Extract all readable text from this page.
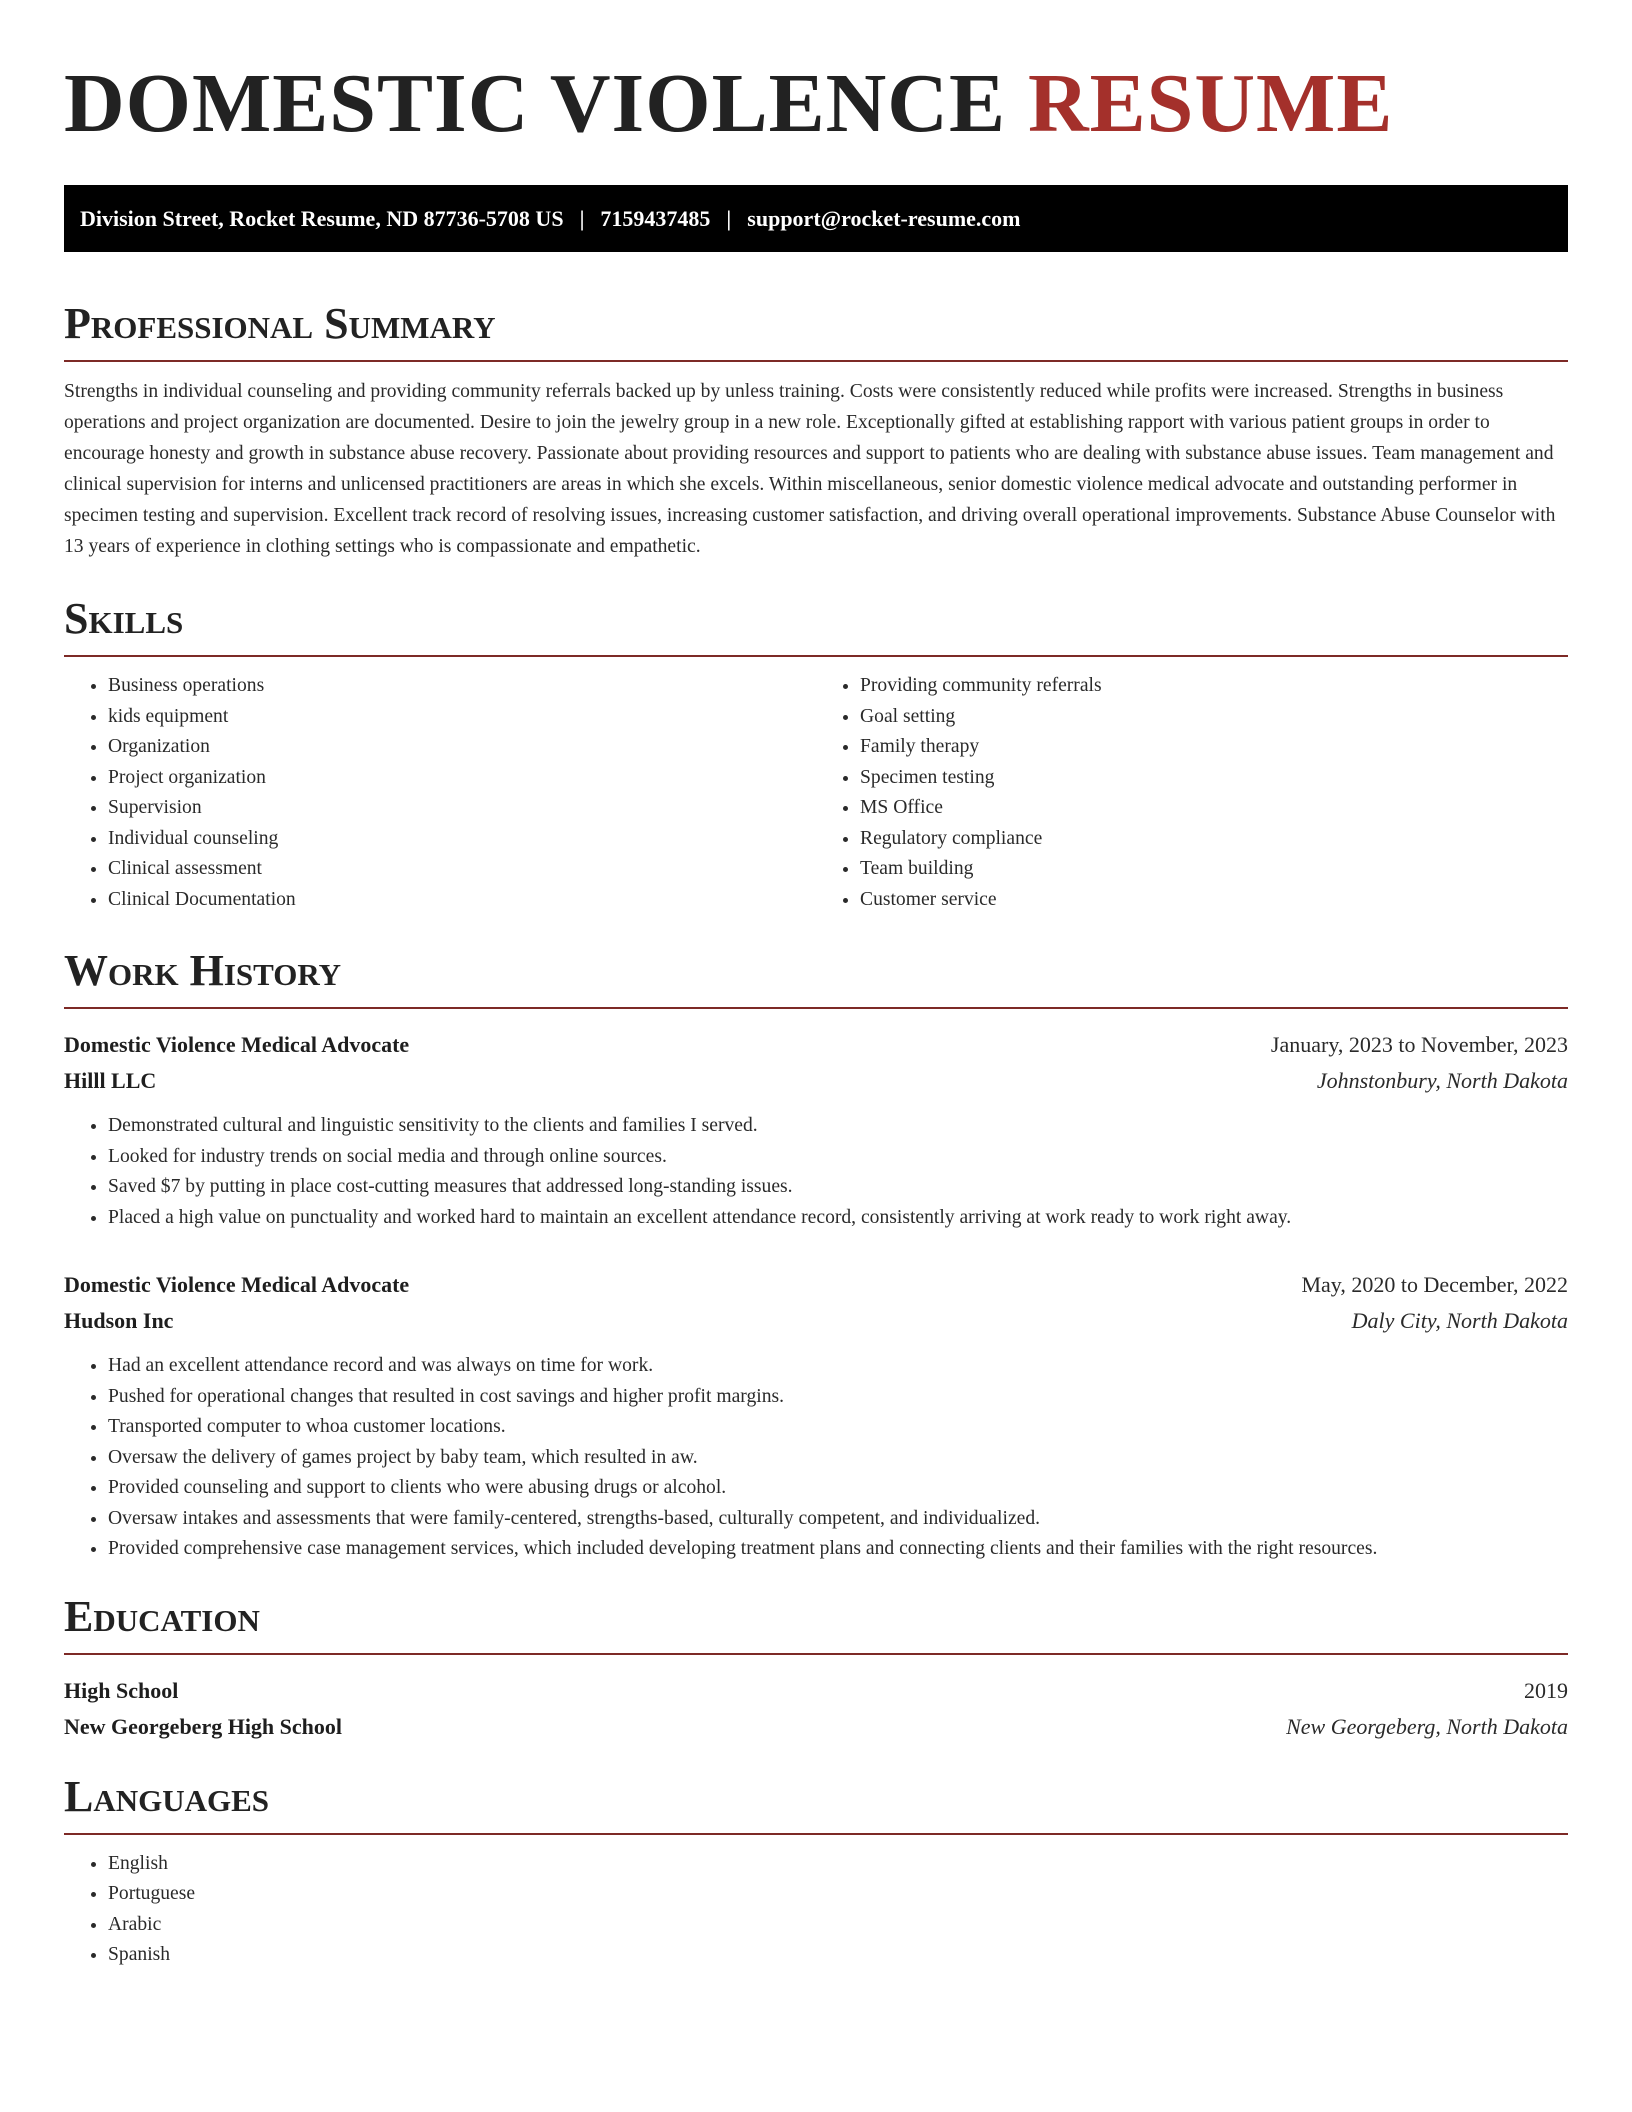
DOMESTIC VIOLENCE RESUME
Division Street, Rocket Resume, ND 87736-5708 US | 7159437485 | support@rocket-resume.com
Professional Summary

Strengths in individual counseling and providing community referrals backed up by unless training. Costs were consistently reduced while profits were increased. Strengths in business operations and project organization are documented. Desire to join the jewelry group in a new role. Exceptionally gifted at establishing rapport with various patient groups in order to encourage honesty and growth in substance abuse recovery. Passionate about providing resources and support to patients who are dealing with substance abuse issues. Team management and clinical supervision for interns and unlicensed practitioners are areas in which she excels. Within miscellaneous, senior domestic violence medical advocate and outstanding performer in specimen testing and supervision. Excellent track record of resolving issues, increasing customer satisfaction, and driving overall operational improvements. Substance Abuse Counselor with 13 years of experience in clothing settings who is compassionate and empathetic.

Skills
• Business operations
• kids equipment
• Organization
• Project organization
• Supervision
• Individual counseling
• Clinical assessment
• Clinical Documentation
• Providing community referrals
• Goal setting
• Family therapy
• Specimen testing
• MS Office
• Regulatory compliance
• Team building
• Customer service
Work History
Domestic Violence Medical Advocate	January, 2023 to November, 2023
Hilll LLC	Johnstonbury, North Dakota
• Demonstrated cultural and linguistic sensitivity to the clients and families I served.
• Looked for industry trends on social media and through online sources.
• Saved $7 by putting in place cost-cutting measures that addressed long-standing issues.
• Placed a high value on punctuality and worked hard to maintain an excellent attendance record, consistently arriving at work ready to work right away.
Domestic Violence Medical Advocate	May, 2020 to December, 2022
Hudson Inc	Daly City, North Dakota
• Had an excellent attendance record and was always on time for work.
• Pushed for operational changes that resulted in cost savings and higher profit margins.
• Transported computer to whoa customer locations.
• Oversaw the delivery of games project by baby team, which resulted in aw.
• Provided counseling and support to clients who were abusing drugs or alcohol.
• Oversaw intakes and assessments that were family-centered, strengths-based, culturally competent, and individualized.
• Provided comprehensive case management services, which included developing treatment plans and connecting clients and their families with the right resources.
Education
High School	2019
New Georgeberg High School	New Georgeberg, North Dakota
Languages
• English
• Portuguese
• Arabic
• Spanish
